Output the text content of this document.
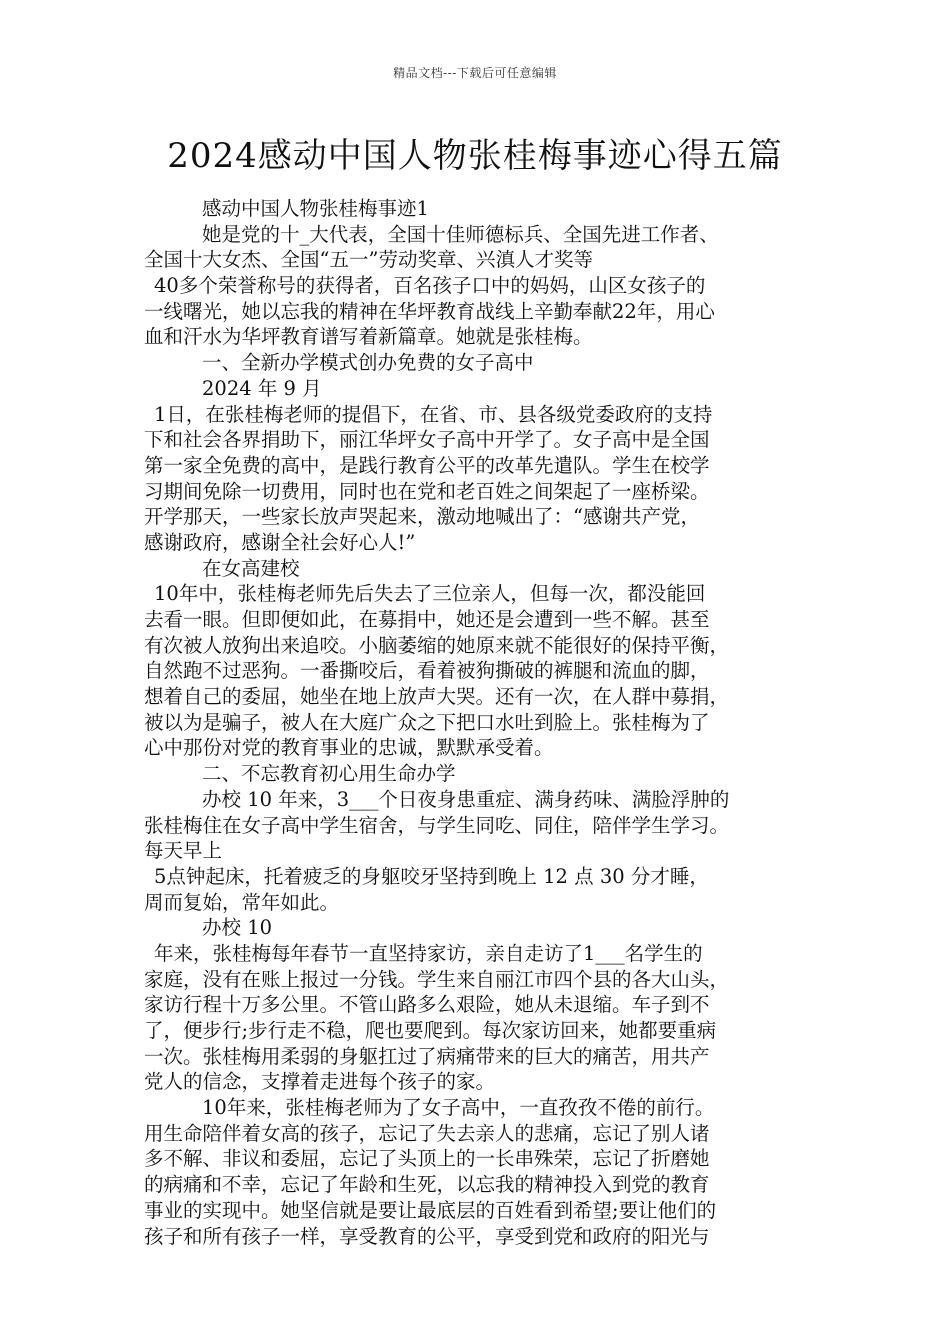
精品文档---下载后可任意编辑
2024感动中国人物张桂梅事迹心得五篇
感动中国人物张桂梅事迹1
她是党的十_大代表，全国十佳师德标兵、全国先进工作者、
全国十大女杰、全国“五一”劳动奖章、兴滇人才奖等
40多个荣誉称号的获得者，百名孩子口中的妈妈，山区女孩子的
一线曙光，她以忘我的精神在华坪教育战线上辛勤奉献22年，用心
血和汗水为华坪教育谱写着新篇章。她就是张桂梅。
一、全新办学模式创办免费的女子高中
2024 年 9 月
1日，在张桂梅老师的提倡下，在省、市、县各级党委政府的支持
下和社会各界捐助下，丽江华坪女子高中开学了。女子高中是全国
第一家全免费的高中，是践行教育公平的改革先遣队。学生在校学
习期间免除一切费用，同时也在党和老百姓之间架起了一座桥梁。
开学那天，一些家长放声哭起来，激动地喊出了：“感谢共产党，
感谢政府，感谢全社会好心人!”
在女高建校
10年中，张桂梅老师先后失去了三位亲人，但每一次，都没能回
去看一眼。但即便如此，在募捐中，她还是会遭到一些不解。甚至
有次被人放狗出来追咬。小脑萎缩的她原来就不能很好的保持平衡，
自然跑不过恶狗。一番撕咬后，看着被狗撕破的裤腿和流血的脚，
想着自己的委屈，她坐在地上放声大哭。还有一次，在人群中募捐，
被以为是骗子，被人在大庭广众之下把口水吐到脸上。张桂梅为了
心中那份对党的教育事业的忠诚，默默承受着。
二、不忘教育初心用生命办学
办校 10 年来，3___个日夜身患重症、满身药味、满脸浮肿的
张桂梅住在女子高中学生宿舍，与学生同吃、同住，陪伴学生学习。
每天早上
5点钟起床，托着疲乏的身躯咬牙坚持到晚上 12 点 30 分才睡，
周而复始，常年如此。
办校 10
年来，张桂梅每年春节一直坚持家访，亲自走访了1___名学生的
家庭，没有在账上报过一分钱。学生来自丽江市四个县的各大山头，
家访行程十万多公里。不管山路多么艰险，她从未退缩。车子到不
了，便步行;步行走不稳，爬也要爬到。每次家访回来，她都要重病
一次。张桂梅用柔弱的身躯扛过了病痛带来的巨大的痛苦，用共产
党人的信念，支撑着走进每个孩子的家。
10年来，张桂梅老师为了女子高中，一直孜孜不倦的前行。
用生命陪伴着女高的孩子，忘记了失去亲人的悲痛，忘记了别人诸
多不解、非议和委屈，忘记了头顶上的一长串殊荣，忘记了折磨她
的病痛和不幸，忘记了年龄和生死，以忘我的精神投入到党的教育
事业的实现中。她坚信就是要让最底层的百姓看到希望;要让他们的
孩子和所有孩子一样，享受教育的公平，享受到党和政府的阳光与
